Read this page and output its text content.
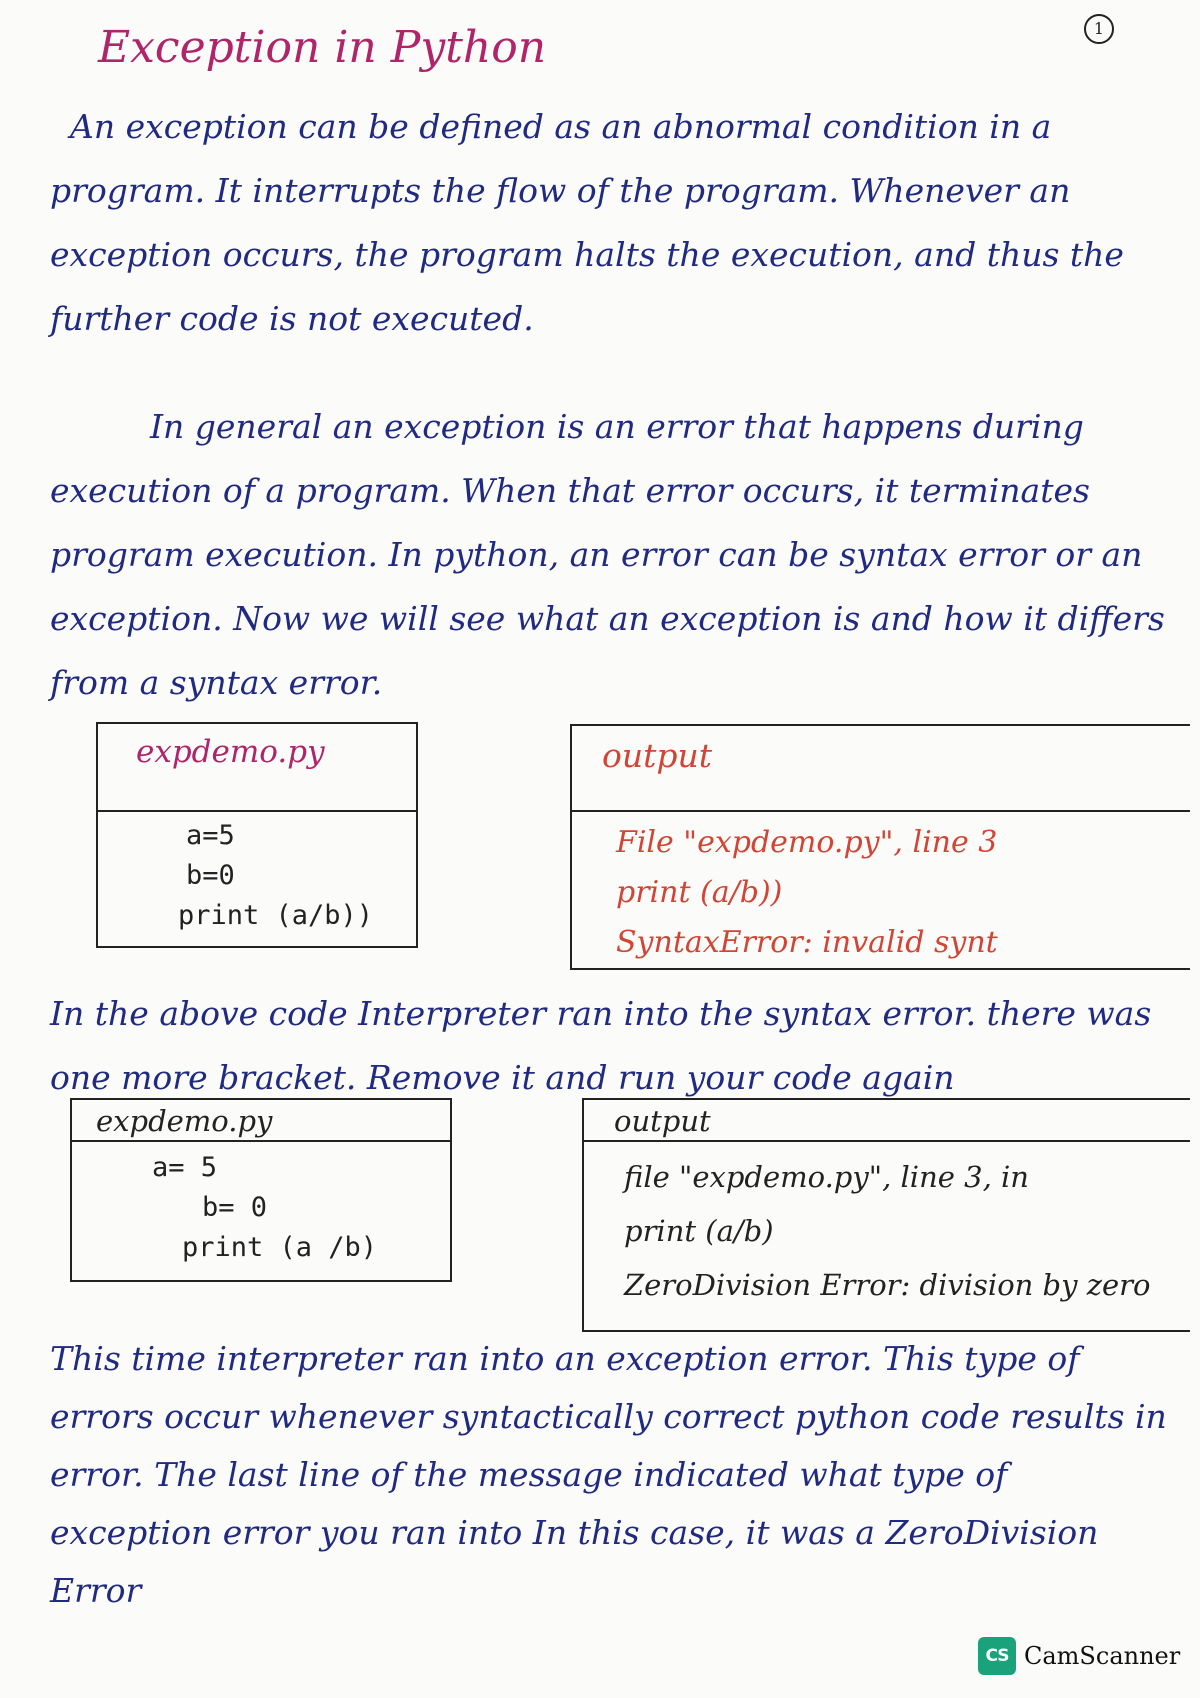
1
Exception in Python

An exception can be defined as an abnormal condition in a program. It interrupts the flow of the program. Whenever an exception occurs, the program halts the execution, and thus the further code is not executed.

In general an exception is an error that happens during execution of a program. When that error occurs, it terminates program execution. In python, an error can be syntax error or an exception. Now we will see what an exception is and how it differs from a syntax error.

expdemo.py
a=5
b=0
print (a/b))
output
File "expdemo.py", line 3
print (a/b))
SyntaxError: invalid synt

In the above code Interpreter ran into the syntax error. there was one more bracket. Remove it and run your code again

expdemo.py
a= 5
b= 0
print (a /b)
output
file "expdemo.py", line 3, in
print (a/b)
ZeroDivision Error: division by zero

This time interpreter ran into an exception error. This type of errors occur whenever syntactically correct python code results in error. The last line of the message indicated what type of exception error you ran into In this case, it was a ZeroDivision Error

CS CamScanner
